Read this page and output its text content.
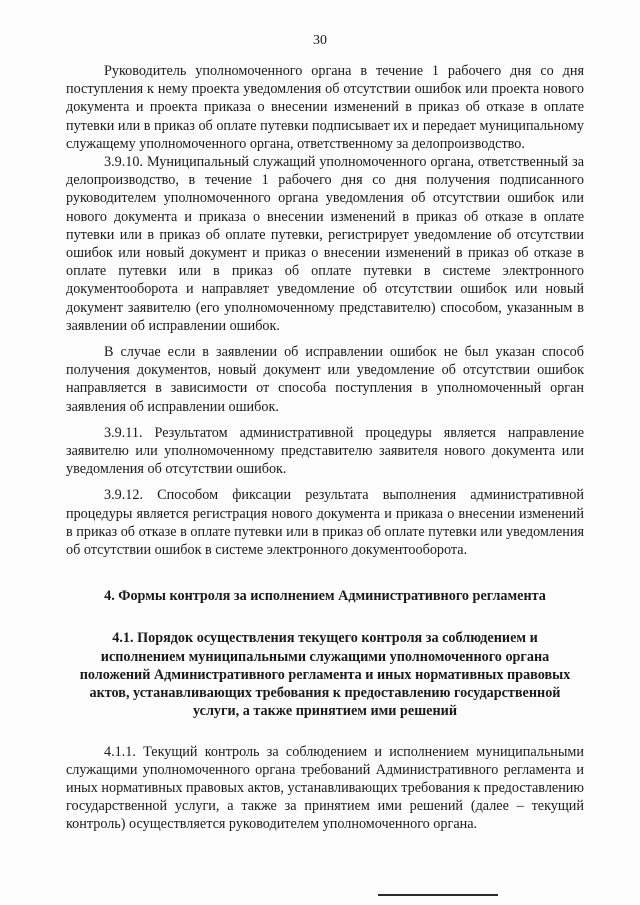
30

Руководитель уполномоченного органа в течение 1 рабочего дня со дня поступления к нему проекта уведомления об отсутствии ошибок или проекта нового документа и проекта приказа о внесении изменений в приказ об отказе в оплате путевки или в приказ об оплате путевки подписывает их и передает муниципальному служащему уполномоченного органа, ответственному за делопроизводство.

3.9.10. Муниципальный служащий уполномоченного органа, ответственный за делопроизводство, в течение 1 рабочего дня со дня получения подписанного руководителем уполномоченного органа уведомления об отсутствии ошибок или нового документа и приказа о внесении изменений в приказ об отказе в оплате путевки или в приказ об оплате путевки, регистрирует уведомление об отсутствии ошибок или новый документ и приказ о внесении изменений в приказ об отказе в оплате путевки или в приказ об оплате путевки в системе электронного документооборота и направляет уведомление об отсутствии ошибок или новый документ заявителю (его уполномоченному представителю) способом, указанным в заявлении об исправлении ошибок.

В случае если в заявлении об исправлении ошибок не был указан способ получения документов, новый документ или уведомление об отсутствии ошибок направляется в зависимости от способа поступления в уполномоченный орган заявления об исправлении ошибок.

3.9.11. Результатом административной процедуры является направление заявителю или уполномоченному представителю заявителя нового документа или уведомления об отсутствии ошибок.

3.9.12. Способом фиксации результата выполнения административной процедуры является регистрация нового документа и приказа о внесении изменений в приказ об отказе в оплате путевки или в приказ об оплате путевки или уведомления об отсутствии ошибок в системе электронного документооборота.

4. Формы контроля за исполнением Административного регламента
4.1. Порядок осуществления текущего контроля за соблюдением и исполнением муниципальными служащими уполномоченного органа положений Административного регламента и иных нормативных правовых актов, устанавливающих требования к предоставлению государственной услуги, а также принятием ими решений

4.1.1. Текущий контроль за соблюдением и исполнением муниципальными служащими уполномоченного органа требований Административного регламента и иных нормативных правовых актов, устанавливающих требования к предоставлению государственной услуги, а также за принятием ими решений (далее – текущий контроль) осуществляется руководителем уполномоченного органа.
